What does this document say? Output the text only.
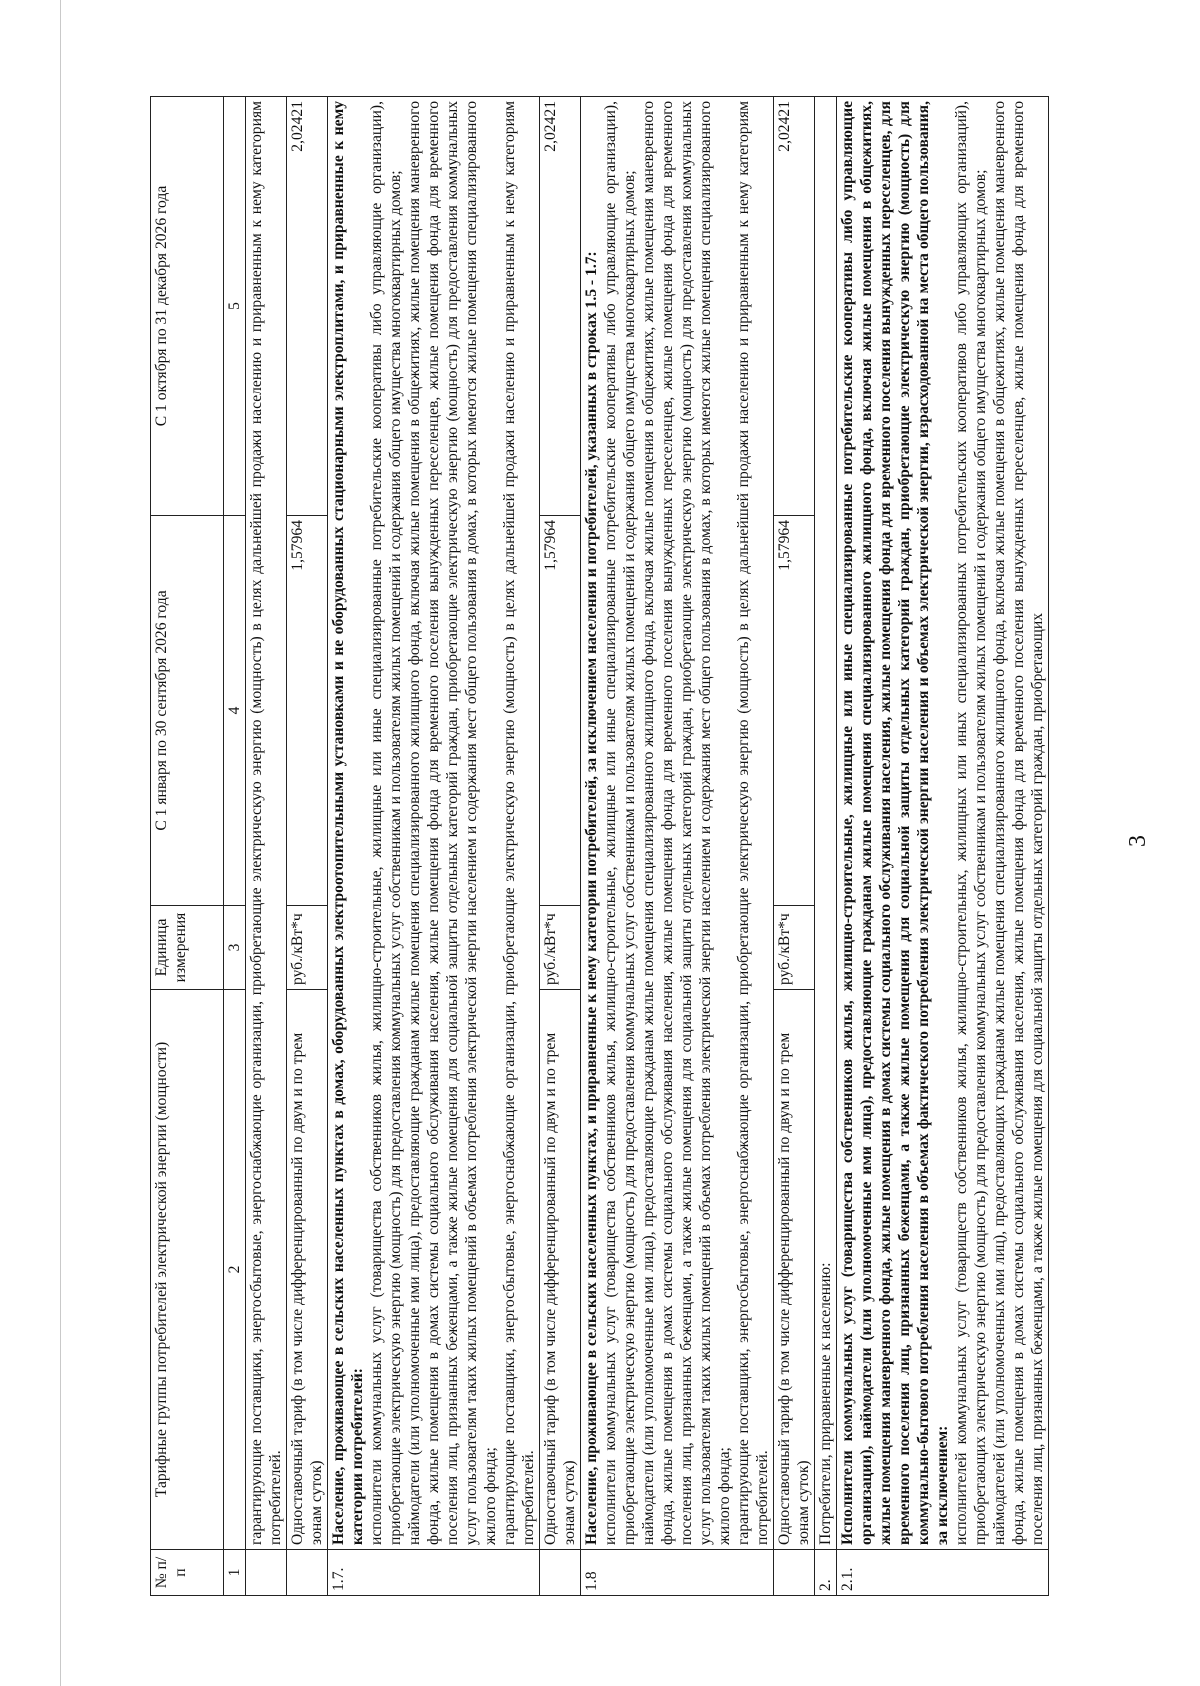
3
№ п/п	Тарифные группы потребителей электрической энергии (мощности)	Единица измерения	С 1 января по 30 сентября 2026 года	С 1 октября по 31 декабря 2026 года
1	2	3	4	5
	гарантирующие поставщики, энергосбытовые, энергоснабжающие организации, приобретающие электрическую энергию (мощность) в целях дальнейшей продажи населению и приравненным к нему категориям потребителей.			
	Одноставочный тариф (в том числе дифференцированный по двум и по трем зонам суток)	руб./кВт*ч	1,57964	2,02421
1.7.	Население, проживающее в сельских населенных пунктах в домах, оборудованных электроотопительными установками и не оборудованных стационарными электроплитами, и приравненные к нему категории потребителей: исполнители коммунальных услуг (товарищества собственников жилья, жилищно-строительные, жилищные или иные специализированные потребительские кооперативы либо управляющие организации), приобретающие электрическую энергию (мощность) для предоставления коммунальных услуг собственникам и пользователям жилых помещений и содержания общего имущества многоквартирных домов; наймодатели (или уполномоченные ими лица), предоставляющие гражданам жилые помещения специализированного жилищного фонда, включая жилые помещения в общежитиях, жилые помещения маневренного фонда, жилые помещения в домах системы социального обслуживания населения, жилые помещения фонда для временного поселения вынужденных переселенцев, жилые помещения фонда для временного поселения лиц, признанных беженцами, а также жилые помещения для социальной защиты отдельных категорий граждан, приобретающие электрическую энергию (мощность) для предоставления коммунальных услуг пользователям таких жилых помещений в объемах потребления электрической энергии населением и содержания мест общего пользования в домах, в которых имеются жилые помещения специализированного жилого фонда; гарантирующие поставщики, энергосбытовые, энергоснабжающие организации, приобретающие электрическую энергию (мощность) в целях дальнейшей продажи населению и приравненным к нему категориям потребителей.			

	Одноставочный тариф (в том числе дифференцированный по двум и по трем зонам суток)	руб./кВт*ч	1,57964	2,02421
1.8	Население, проживающее в сельских населенных пунктах, и приравненные к нему категории потребителей, за исключением населения и потребителей, указанных в строках 1.5 - 1.7: исполнители коммунальных услуг (товарищества собственников жилья, жилищно-строительные, жилищные или иные специализированные потребительские кооперативы либо управляющие организации), приобретающие электрическую энергию (мощность) для предоставления коммунальных услуг собственникам и пользователям жилых помещений и содержания общего имущества многоквартирных домов; наймодатели (или уполномоченные ими лица), предоставляющие гражданам жилые помещения специализированного жилищного фонда, включая жилые помещения в общежитиях, жилые помещения маневренного фонда, жилые помещения в домах системы социального обслуживания населения, жилые помещения фонда для временного поселения вынужденных переселенцев, жилые помещения фонда для временного поселения лиц, признанных беженцами, а также жилые помещения для социальной защиты отдельных категорий граждан, приобретающие электрическую энергию (мощность) для предоставления коммунальных услуг пользователям таких жилых помещений в объемах потребления электрической энергии населением и содержания мест общего пользования в домах, в которых имеются жилые помещения специализированного жилого фонда; гарантирующие поставщики, энергосбытовые, энергоснабжающие организации, приобретающие электрическую энергию (мощность) в целях дальнейшей продажи населению и приравненным к нему категориям потребителей.			

	Одноставочный тариф (в том числе дифференцированный по двум и по трем зонам суток)	руб./кВт*ч	1,57964	2,02421
2.	Потребители, приравненные к населению:			
2.1.	Исполнители коммунальных услуг (товарищества собственников жилья, жилищно-строительные, жилищные или иные специализированные потребительские кооперативы либо управляющие организации), наймодатели (или уполномоченные ими лица), предоставляющие гражданам жилые помещения специализированного жилищного фонда, включая жилые помещения в общежитиях, жилые помещения маневренного фонда, жилые помещения в домах системы социального обслуживания населения, жилые помещения фонда для временного поселения вынужденных переселенцев, для временного поселения лиц, признанных беженцами, а также жилые помещения для социальной защиты отдельных категорий граждан, приобретающие электрическую энергию (мощность) для коммунально-бытового потребления населения в объемах фактического потребления электрической энергии населения и объемах электрической энергии, израсходованной на места общего пользования, за исключением: исполнителей коммунальных услуг (товариществ собственников жилья, жилищно-строительных, жилищных или иных специализированных потребительских кооперативов либо управляющих организаций), приобретающих электрическую энергию (мощность) для предоставления коммунальных услуг собственникам и пользователям жилых помещений и содержания общего имущества многоквартирных домов; наймодателей (или уполномоченных ими лиц), предоставляющих гражданам жилые помещения специализированного жилищного фонда, включая жилые помещения в общежитиях, жилые помещения маневренного фонда, жилые помещения в домах системы социального обслуживания населения, жилые помещения фонда для временного поселения вынужденных переселенцев, жилые помещения фонда для временного поселения лиц, признанных беженцами, а также жилые помещения для социальной защиты отдельных категорий граждан, приобретающих			
